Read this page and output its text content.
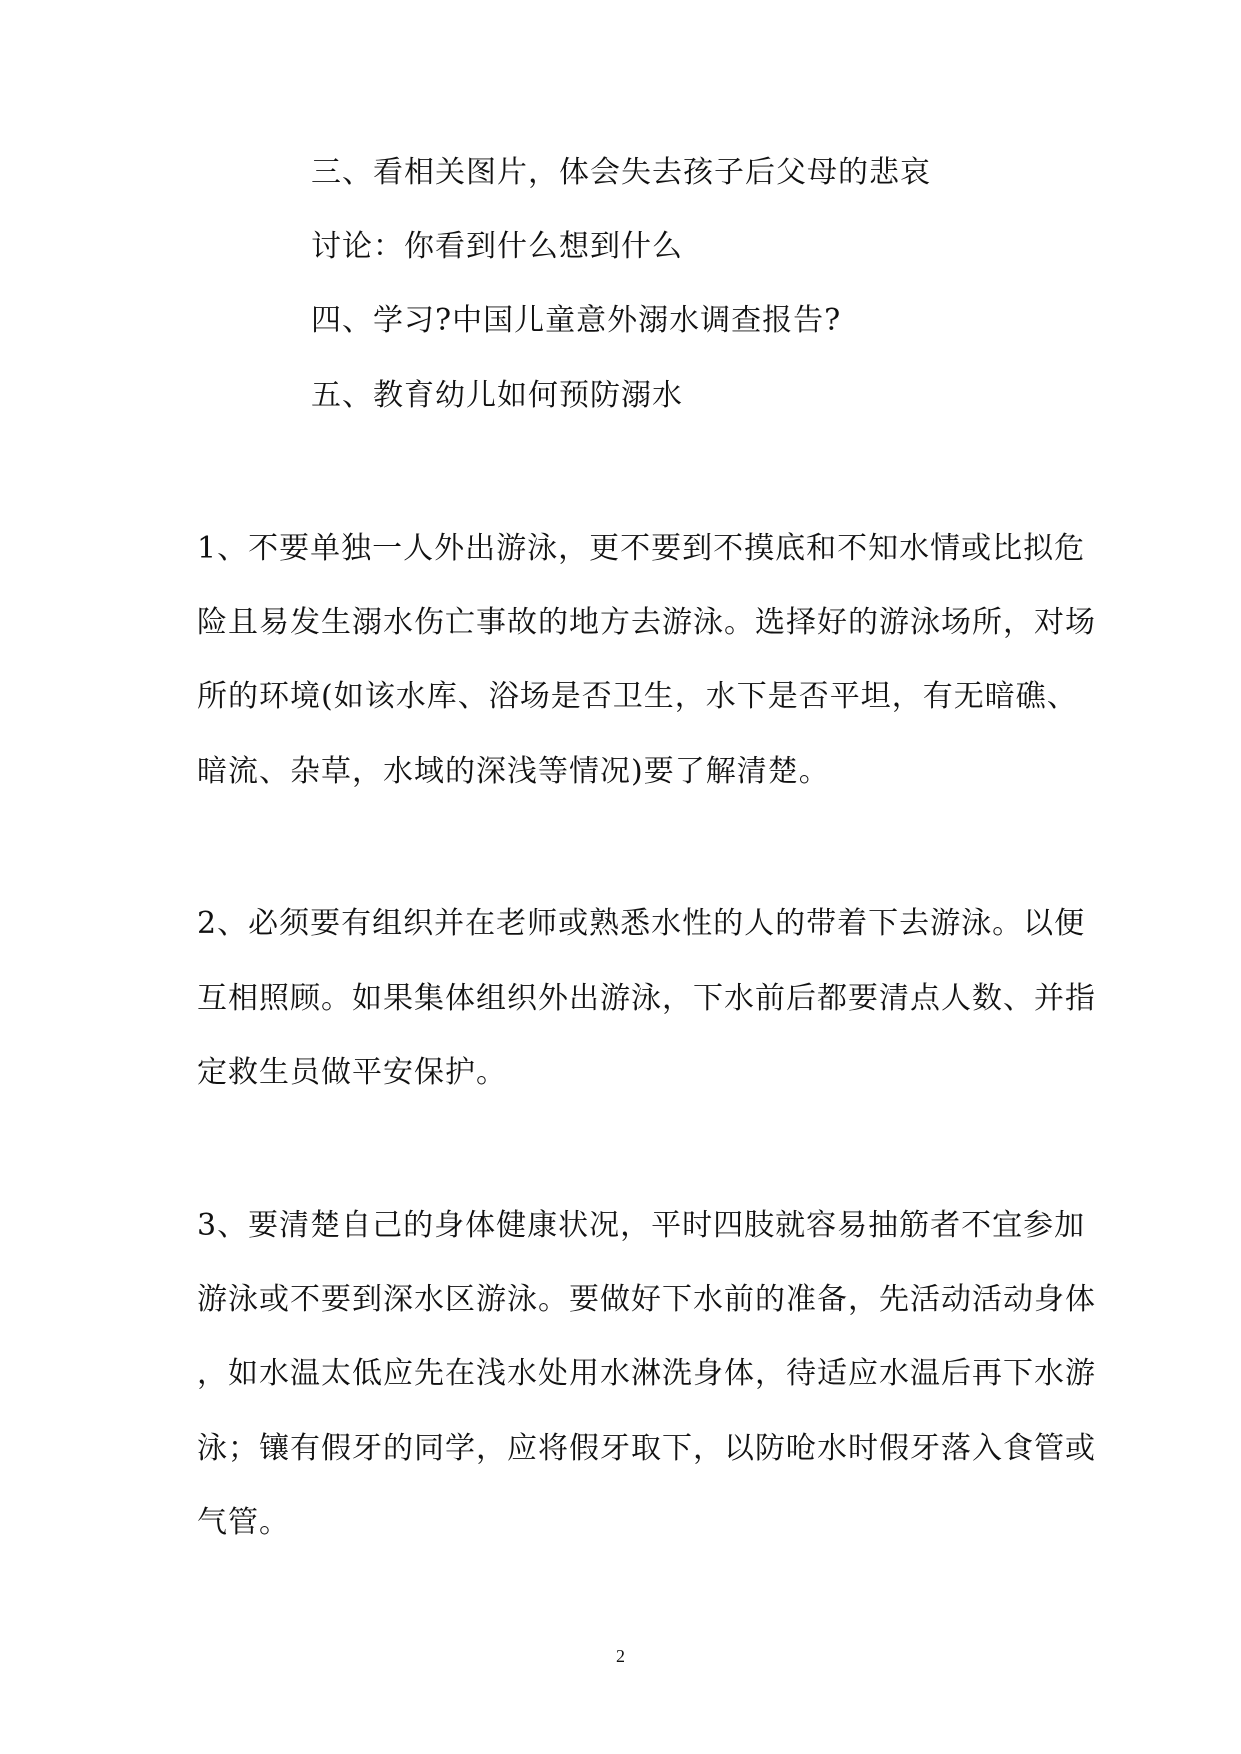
三、看相关图片，体会失去孩子后父母的悲哀
讨论：你看到什么想到什么
四、学习?中国儿童意外溺水调查报告?
五、教育幼儿如何预防溺水
1、不要单独一人外出游泳，更不要到不摸底和不知水情或比拟危
险且易发生溺水伤亡事故的地方去游泳。选择好的游泳场所，对场
所的环境(如该水库、浴场是否卫生，水下是否平坦，有无暗礁、
暗流、杂草，水域的深浅等情况)要了解清楚。
2、必须要有组织并在老师或熟悉水性的人的带着下去游泳。以便
互相照顾。如果集体组织外出游泳，下水前后都要清点人数、并指
定救生员做平安保护。
3、要清楚自己的身体健康状况，平时四肢就容易抽筋者不宜参加
游泳或不要到深水区游泳。要做好下水前的准备，先活动活动身体
，如水温太低应先在浅水处用水淋洗身体，待适应水温后再下水游
泳；镶有假牙的同学，应将假牙取下，以防呛水时假牙落入食管或
气管。
2
